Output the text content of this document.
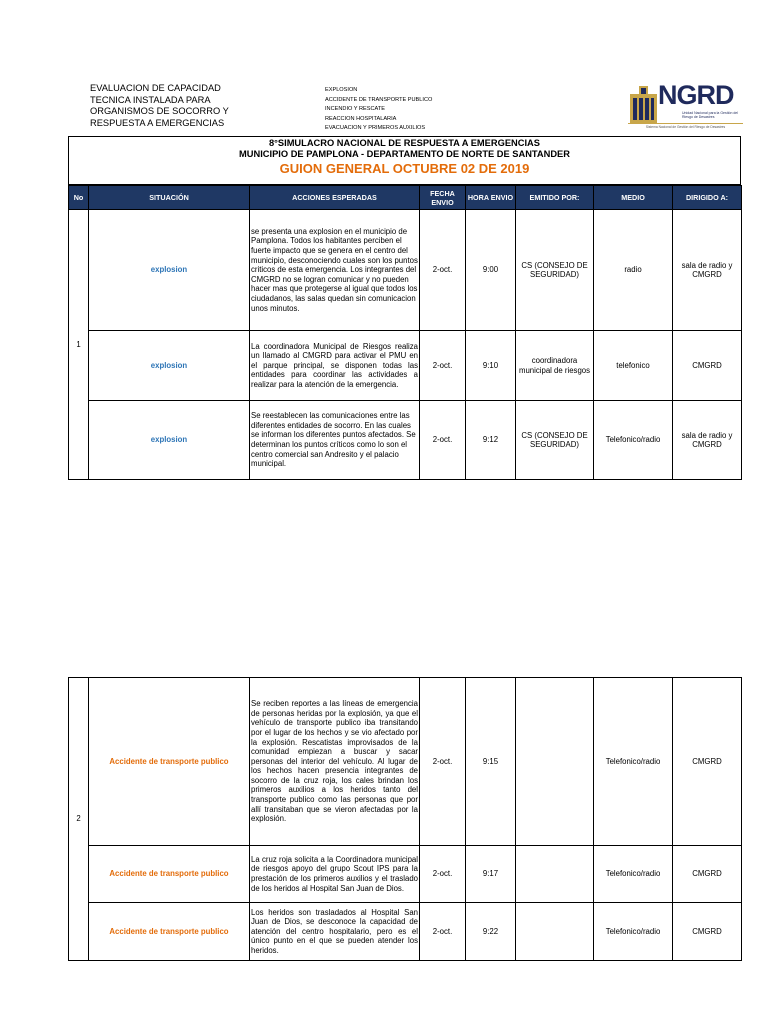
EVALUACION DE CAPACIDAD
TECNICA INSTALADA PARA
ORGANISMOS DE SOCORRO Y
RESPUESTA A EMERGENCIAS
EXPLOSION
ACCIDENTE DE TRANSPORTE PUBLICO
INCENDIO Y RESCATE
REACCION HOSPITALARIA
EVACUACION Y PRIMEROS AUXILIOS
NGRD
Unidad Nacional para la Gestión del Riesgo de Desastres
Sistema Nacional de Gestión del Riesgo de Desastres
8°SIMULACRO NACIONAL DE RESPUESTA A EMERGENCIAS
MUNICIPIO DE PAMPLONA - DEPARTAMENTO DE NORTE DE SANTANDER
GUION GENERAL OCTUBRE 02 DE 2019
No	SITUACIÓN	ACCIONES ESPERADAS	FECHA ENVIO	HORA ENVIO	EMITIDO POR:	MEDIO	DIRIGIDO A:
1	explosion	se presenta una explosion en el municipio de Pamplona. Todos los habitantes perciben el fuerte impacto que se genera en el centro del municipio, desconociendo cuales son los puntos criticos de esta emergencia. Los integrantes del CMGRD no se logran comunicar y no pueden hacer mas que protegerse al igual que todos los ciudadanos, las salas quedan sin comunicacion unos minutos.	2-oct.	9:00	CS (CONSEJO DE SEGURIDAD)	radio	sala de radio y CMGRD
	explosion	La coordinadora Municipal de Riesgos realiza un llamado al CMGRD para activar el PMU en el parque principal, se disponen todas las entidades para coordinar las actividades a realizar para la atención de la emergencia.	2-oct.	9:10	coordinadora municipal de riesgos	telefonico	CMGRD
	explosion	Se reestablecen las comunicaciones entre las diferentes entidades de socorro. En las cuales se informan los diferentes puntos afectados. Se determinan los puntos críticos como lo son el centro comercial san Andresito y el palacio municipal.	2-oct.	9:12	CS (CONSEJO DE SEGURIDAD)	Telefonico/radio	sala de radio y CMGRD
2	Accidente de transporte publico	Se reciben reportes a las líneas de emergencia de personas heridas por la explosión, ya que el vehículo de transporte publico iba transitando por el lugar de los hechos y se vio afectado por la explosión. Rescatistas improvisados de la comunidad empiezan a buscar y sacar personas del interior del vehículo. Al lugar de los hechos hacen presencia integrantes de socorro de la cruz roja, los cales brindan los primeros auxilios a los heridos tanto del transporte publico como las personas que por allí transitaban que se vieron afectadas por la explosión.	2-oct.	9:15		Telefonico/radio	CMGRD
	Accidente de transporte publico	La cruz roja solicita a la Coordinadora municipal de riesgos apoyo del grupo Scout IPS para la prestación de los primeros auxilios y el traslado de los heridos al Hospital San Juan de Dios.	2-oct.	9:17		Telefonico/radio	CMGRD
	Accidente de transporte publico	Los heridos son trasladados al Hospital San Juan de Dios, se desconoce la capacidad de atención del centro hospitalario, pero es el único punto en el que se pueden atender los heridos.	2-oct.	9:22		Telefonico/radio	CMGRD
